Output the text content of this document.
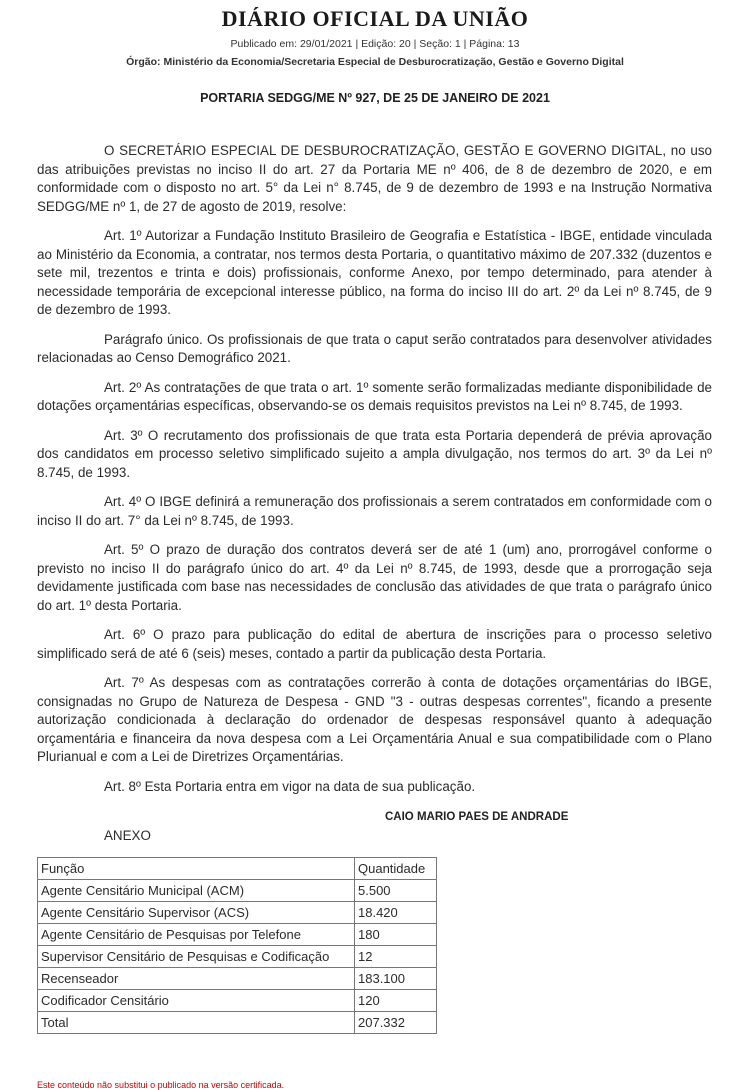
DIÁRIO OFICIAL DA UNIÃO
Publicado em: 29/01/2021 | Edição: 20 | Seção: 1 | Página: 13
Órgão: Ministério da Economia/Secretaria Especial de Desburocratização, Gestão e Governo Digital
PORTARIA SEDGG/ME Nº 927, DE 25 DE JANEIRO DE 2021

O SECRETÁRIO ESPECIAL DE DESBUROCRATIZAÇÃO, GESTÃO E GOVERNO DIGITAL, no uso das atribuições previstas no inciso II do art. 27 da Portaria ME nº 406, de 8 de dezembro de 2020, e em conformidade com o disposto no art. 5° da Lei n° 8.745, de 9 de dezembro de 1993 e na Instrução Normativa SEDGG/ME nº 1, de 27 de agosto de 2019, resolve:

Art. 1º Autorizar a Fundação Instituto Brasileiro de Geografia e Estatística - IBGE, entidade vinculada ao Ministério da Economia, a contratar, nos termos desta Portaria, o quantitativo máximo de 207.332 (duzentos e sete mil, trezentos e trinta e dois) profissionais, conforme Anexo, por tempo determinado, para atender à necessidade temporária de excepcional interesse público, na forma do inciso III do art. 2º da Lei nº 8.745, de 9 de dezembro de 1993.

Parágrafo único. Os profissionais de que trata o caput serão contratados para desenvolver atividades relacionadas ao Censo Demográfico 2021.

Art. 2º As contratações de que trata o art. 1º somente serão formalizadas mediante disponibilidade de dotações orçamentárias específicas, observando-se os demais requisitos previstos na Lei nº 8.745, de 1993.

Art. 3º O recrutamento dos profissionais de que trata esta Portaria dependerá de prévia aprovação dos candidatos em processo seletivo simplificado sujeito a ampla divulgação, nos termos do art. 3º da Lei nº 8.745, de 1993.

Art. 4º O IBGE definirá a remuneração dos profissionais a serem contratados em conformidade com o inciso II do art. 7° da Lei nº 8.745, de 1993.

Art. 5º O prazo de duração dos contratos deverá ser de até 1 (um) ano, prorrogável conforme o previsto no inciso II do parágrafo único do art. 4º da Lei nº 8.745, de 1993, desde que a prorrogação seja devidamente justificada com base nas necessidades de conclusão das atividades de que trata o parágrafo único do art. 1º desta Portaria.

Art. 6º O prazo para publicação do edital de abertura de inscrições para o processo seletivo simplificado será de até 6 (seis) meses, contado a partir da publicação desta Portaria.

Art. 7º As despesas com as contratações correrão à conta de dotações orçamentárias do IBGE, consignadas no Grupo de Natureza de Despesa - GND "3 - outras despesas correntes", ficando a presente autorização condicionada à declaração do ordenador de despesas responsável quanto à adequação orçamentária e financeira da nova despesa com a Lei Orçamentária Anual e sua compatibilidade com o Plano Plurianual e com a Lei de Diretrizes Orçamentárias.

Art. 8º Esta Portaria entra em vigor na data de sua publicação.

CAIO MARIO PAES DE ANDRADE
ANEXO
Função	Quantidade
Agente Censitário Municipal (ACM)	5.500
Agente Censitário Supervisor (ACS)	18.420
Agente Censitário de Pesquisas por Telefone	180
Supervisor Censitário de Pesquisas e Codificação	12
Recenseador	183.100
Codificador Censitário	120
Total	207.332
Este conteúdo não substitui o publicado na versão certificada.
